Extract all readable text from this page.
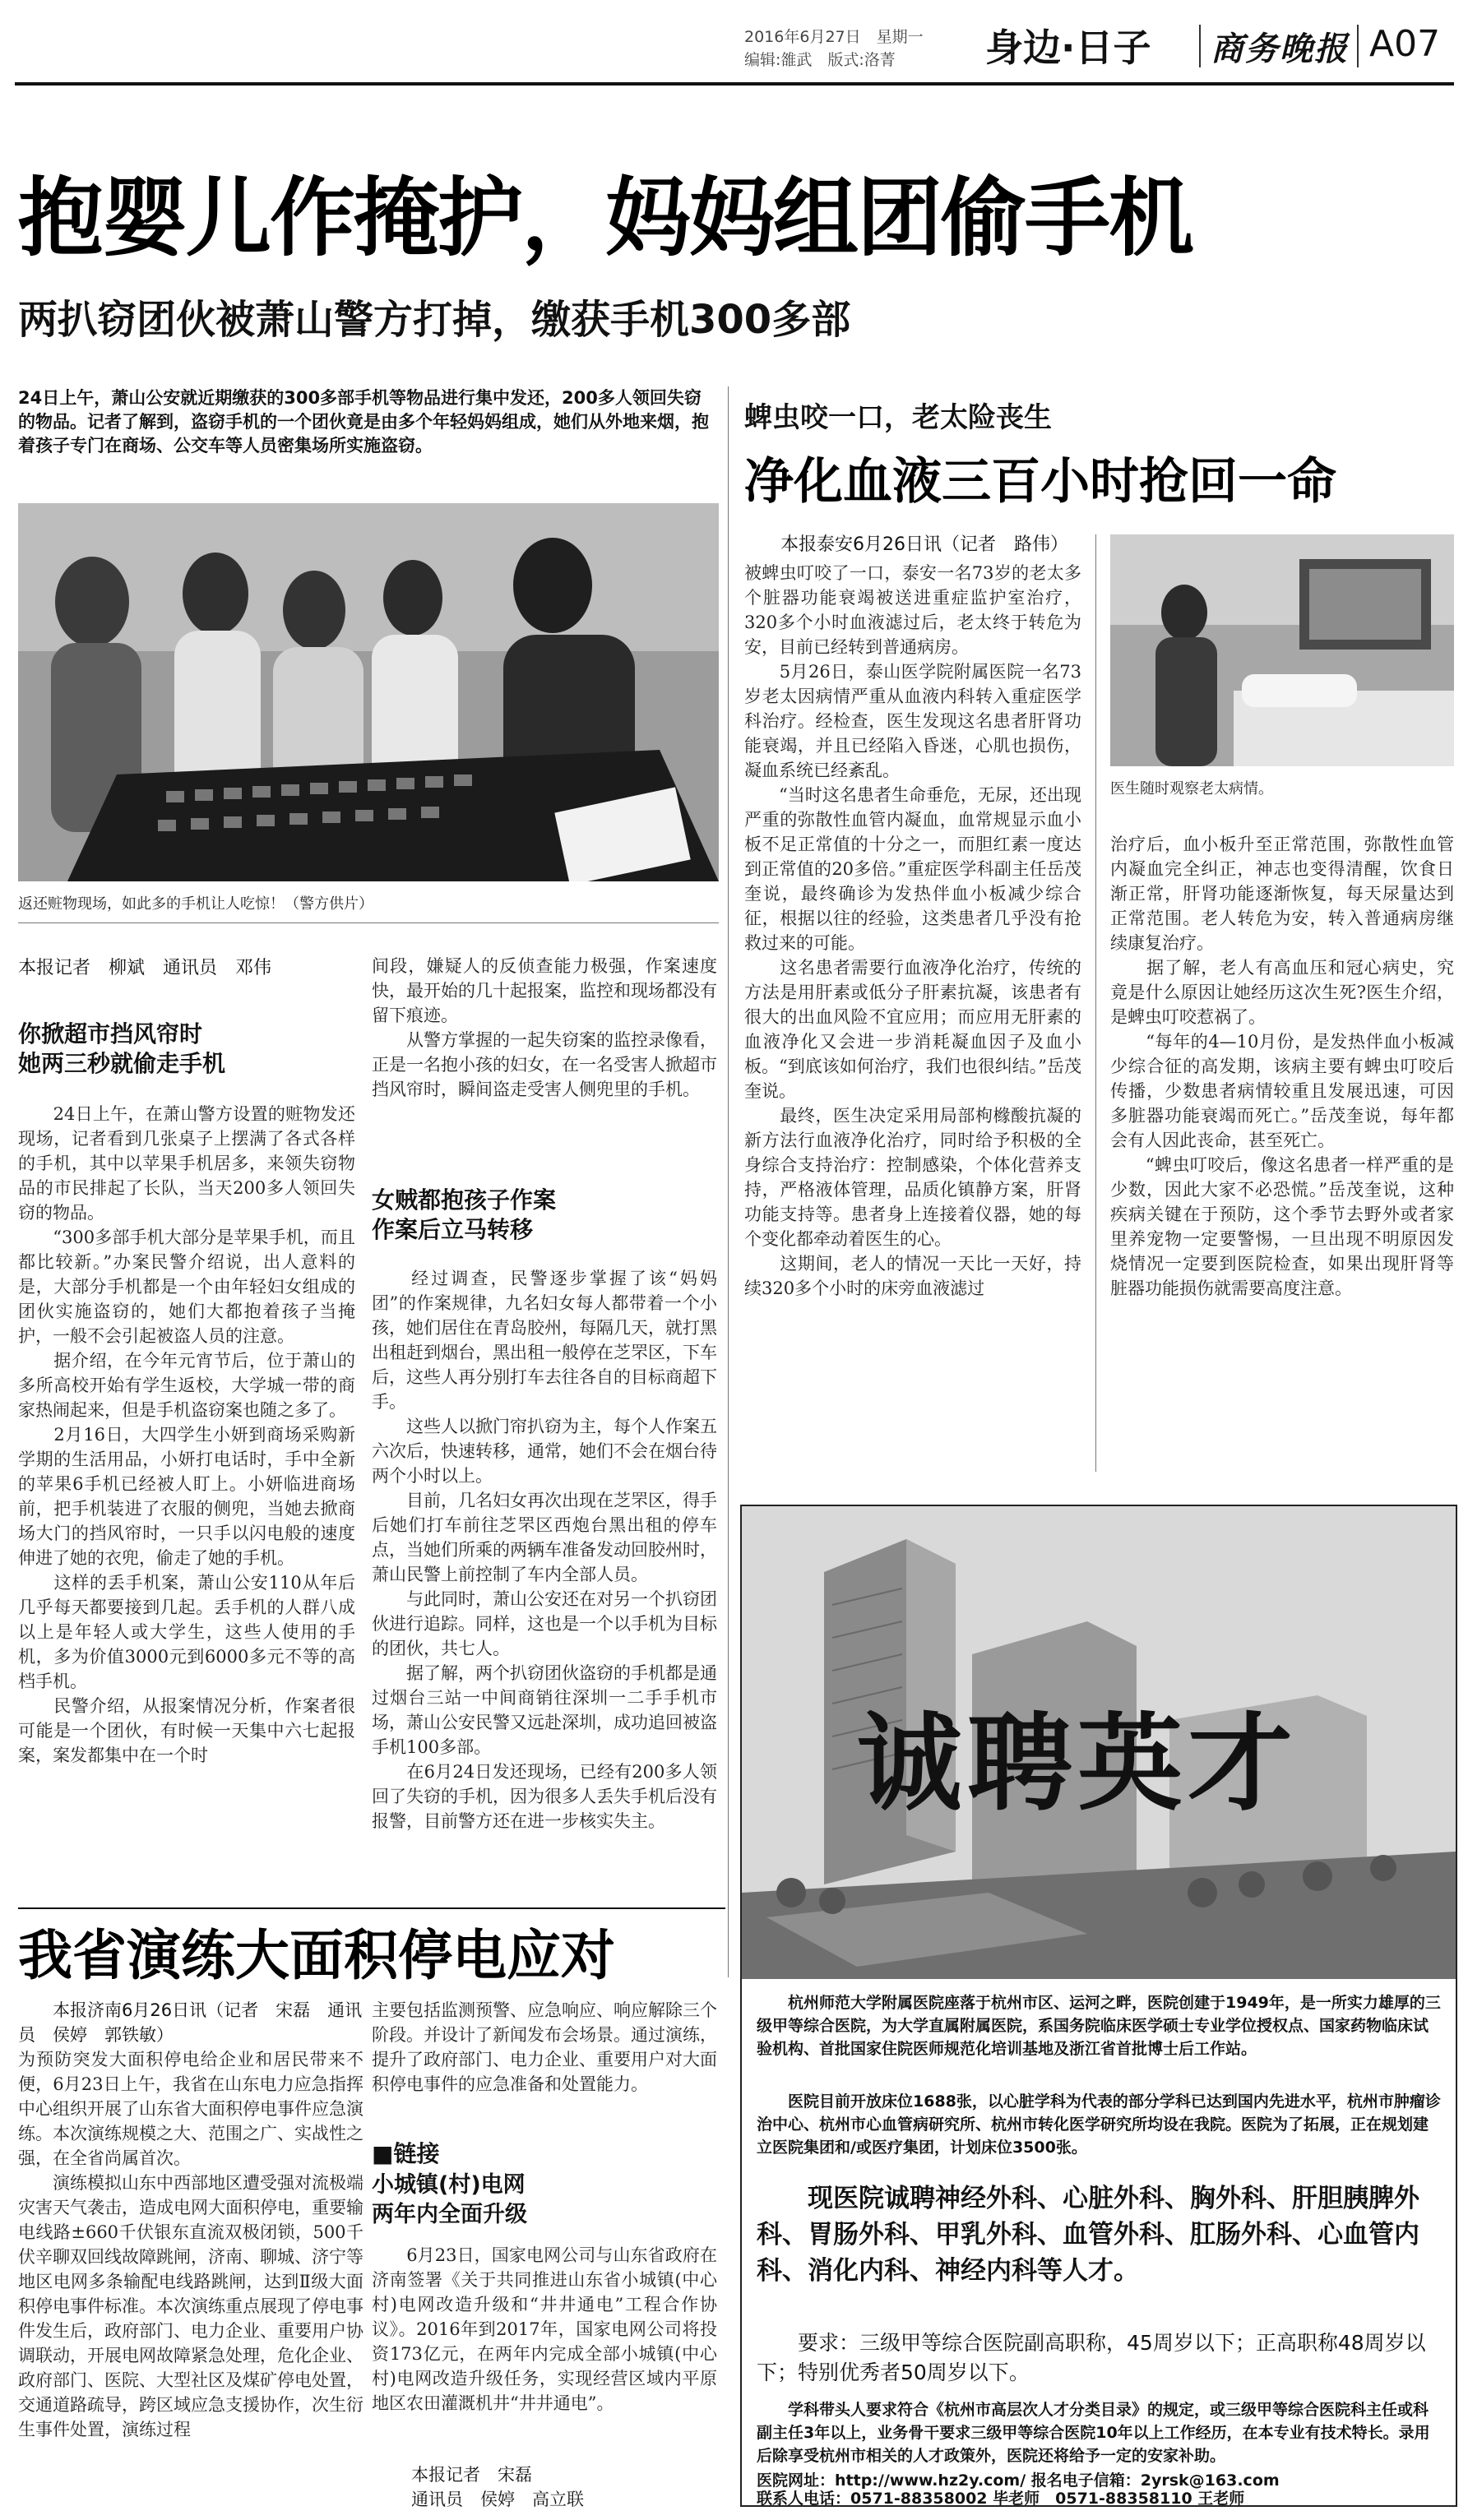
2016年6月27日　星期一
编辑:雒武　版式:洛菁 身边·日子 商务晚报 A07
抱婴儿作掩护，妈妈组团偷手机
两扒窃团伙被萧山警方打掉，缴获手机300多部
24日上午，萧山公安就近期缴获的300多部手机等物品进行集中发还，200多人领回失窃的物品。记者了解到，盗窃手机的一个团伙竟是由多个年轻妈妈组成，她们从外地来烟，抱着孩子专门在商场、公交车等人员密集场所实施盗窃。
返还赃物现场，如此多的手机让人吃惊！（警方供片）
本报记者　柳斌　通讯员　邓伟
你掀超市挡风帘时
她两三秒就偷走手机
　　24日上午，在萧山警方设置的赃物发还现场，记者看到几张桌子上摆满了各式各样的手机，其中以苹果手机居多，来领失窃物品的市民排起了长队，当天200多人领回失窃的物品。
　　“300多部手机大部分是苹果手机，而且都比较新。”办案民警介绍说，出人意料的是，大部分手机都是一个由年轻妇女组成的团伙实施盗窃的，她们大都抱着孩子当掩护，一般不会引起被盗人员的注意。
　　据介绍，在今年元宵节后，位于萧山的多所高校开始有学生返校，大学城一带的商家热闹起来，但是手机盗窃案也随之多了。
　　2月16日，大四学生小妍到商场采购新学期的生活用品，小妍打电话时，手中全新的苹果6手机已经被人盯上。小妍临进商场前，把手机装进了衣服的侧兜，当她去掀商场大门的挡风帘时，一只手以闪电般的速度伸进了她的衣兜，偷走了她的手机。
　　这样的丢手机案，萧山公安110从年后几乎每天都要接到几起。丢手机的人群八成以上是年轻人或大学生，这些人使用的手机，多为价值3000元到6000多元不等的高档手机。
　　民警介绍，从报案情况分析，作案者很可能是一个团伙，有时候一天集中六七起报案，案发都集中在一个时
间段，嫌疑人的反侦查能力极强，作案速度快，最开始的几十起报案，监控和现场都没有留下痕迹。
　　从警方掌握的一起失窃案的监控录像看，正是一名抱小孩的妇女，在一名受害人掀超市挡风帘时，瞬间盗走受害人侧兜里的手机。
女贼都抱孩子作案
作案后立马转移
　　经过调查，民警逐步掌握了该“妈妈团”的作案规律，九名妇女每人都带着一个小孩，她们居住在青岛胶州，每隔几天，就打黑出租赶到烟台，黑出租一般停在芝罘区，下车后，这些人再分别打车去往各自的目标商超下手。
　　这些人以掀门帘扒窃为主，每个人作案五六次后，快速转移，通常，她们不会在烟台待两个小时以上。
　　目前，几名妇女再次出现在芝罘区，得手后她们打车前往芝罘区西炮台黑出租的停车点，当她们所乘的两辆车准备发动回胶州时，萧山民警上前控制了车内全部人员。
　　与此同时，萧山公安还在对另一个扒窃团伙进行追踪。同样，这也是一个以手机为目标的团伙，共七人。
　　据了解，两个扒窃团伙盗窃的手机都是通过烟台三站一中间商销往深圳一二手手机市场，萧山公安民警又远赴深圳，成功追回被盗手机100多部。
　　在6月24日发还现场，已经有200多人领回了失窃的手机，因为很多人丢失手机后没有报警，目前警方还在进一步核实失主。
蜱虫咬一口，老太险丧生
净化血液三百小时抢回一命
　　本报泰安6月26日讯（记者　路伟）
被蜱虫叮咬了一口，泰安一名73岁的老太多个脏器功能衰竭被送进重症监护室治疗，320多个小时血液滤过后，老太终于转危为安，目前已经转到普通病房。
　　5月26日，泰山医学院附属医院一名73岁老太因病情严重从血液内科转入重症医学科治疗。经检查，医生发现这名患者肝肾功能衰竭，并且已经陷入昏迷，心肌也损伤，凝血系统已经紊乱。
　　“当时这名患者生命垂危，无尿，还出现严重的弥散性血管内凝血，血常规显示血小板不足正常值的十分之一，而胆红素一度达到正常值的20多倍。”重症医学科副主任岳茂奎说，最终确诊为发热伴血小板减少综合征，根据以往的经验，这类患者几乎没有抢救过来的可能。
　　这名患者需要行血液净化治疗，传统的方法是用肝素或低分子肝素抗凝，该患者有很大的出血风险不宜应用；而应用无肝素的血液净化又会进一步消耗凝血因子及血小板。“到底该如何治疗，我们也很纠结。”岳茂奎说。
　　最终，医生决定采用局部枸橼酸抗凝的新方法行血液净化治疗，同时给予积极的全身综合支持治疗：控制感染，个体化营养支持，严格液体管理，品质化镇静方案，肝肾功能支持等。患者身上连接着仪器，她的每个变化都牵动着医生的心。
　　这期间，老人的情况一天比一天好，持续320多个小时的床旁血液滤过
医生随时观察老太病情。
治疗后，血小板升至正常范围，弥散性血管内凝血完全纠正，神志也变得清醒，饮食日渐正常，肝肾功能逐渐恢复，每天尿量达到正常范围。老人转危为安，转入普通病房继续康复治疗。
　　据了解，老人有高血压和冠心病史，究竟是什么原因让她经历这次生死?医生介绍，是蜱虫叮咬惹祸了。
　　“每年的4—10月份，是发热伴血小板减少综合征的高发期，该病主要有蜱虫叮咬后传播，少数患者病情较重且发展迅速，可因多脏器功能衰竭而死亡。”岳茂奎说，每年都会有人因此丧命，甚至死亡。
　　“蜱虫叮咬后，像这名患者一样严重的是少数，因此大家不必恐慌。”岳茂奎说，这种疾病关键在于预防，这个季节去野外或者家里养宠物一定要警惕，一旦出现不明原因发烧情况一定要到医院检查，如果出现肝肾等脏器功能损伤就需要高度注意。
我省演练大面积停电应对
　　本报济南6月26日讯（记者　宋磊　通讯员　侯婷　郭铁敏）
为预防突发大面积停电给企业和居民带来不便，6月23日上午，我省在山东电力应急指挥中心组织开展了山东省大面积停电事件应急演练。本次演练规模之大、范围之广、实战性之强，在全省尚属首次。
　　演练模拟山东中西部地区遭受强对流极端灾害天气袭击，造成电网大面积停电，重要输电线路±660千伏银东直流双极闭锁，500千伏辛聊双回线故障跳闸，济南、聊城、济宁等地区电网多条输配电线路跳闸，达到Ⅱ级大面积停电事件标准。本次演练重点展现了停电事件发生后，政府部门、电力企业、重要用户协调联动，开展电网故障紧急处理，危化企业、政府部门、医院、大型社区及煤矿停电处置，交通道路疏导，跨区域应急支援协作，次生衍生事件处置，演练过程
主要包括监测预警、应急响应、响应解除三个阶段。并设计了新闻发布会场景。通过演练，提升了政府部门、电力企业、重要用户对大面积停电事件的应急准备和处置能力。
■链接
小城镇(村)电网
两年内全面升级
　　6月23日，国家电网公司与山东省政府在济南签署《关于共同推进山东省小城镇(中心村)电网改造升级和“井井通电”工程合作协议》。2016年到2017年，国家电网公司将投资173亿元，在两年内完成全部小城镇(中心村)电网改造升级任务，实现经营区域内平原地区农田灌溉机井“井井通电”。
本报记者　宋磊
通讯员　侯婷　高立联
诚聘英才
　　杭州师范大学附属医院座落于杭州市区、运河之畔，医院创建于1949年，是一所实力雄厚的三级甲等综合医院，为大学直属附属医院，系国务院临床医学硕士专业学位授权点、国家药物临床试验机构、首批国家住院医师规范化培训基地及浙江省首批博士后工作站。
　　医院目前开放床位1688张，以心脏学科为代表的部分学科已达到国内先进水平，杭州市肿瘤诊治中心、杭州市心血管病研究所、杭州市转化医学研究所均设在我院。医院为了拓展，正在规划建立医院集团和/或医疗集团，计划床位3500张。
　　现医院诚聘神经外科、心脏外科、胸外科、肝胆胰脾外科、胃肠外科、甲乳外科、血管外科、肛肠外科、心血管内科、消化内科、神经内科等人才。
　　要求：三级甲等综合医院副高职称，45周岁以下；正高职称48周岁以下；特别优秀者50周岁以下。
　　学科带头人要求符合《杭州市高层次人才分类目录》的规定，或三级甲等综合医院科主任或科副主任3年以上，业务骨干要求三级甲等综合医院10年以上工作经历，在本专业有技术特长。录用后除享受杭州市相关的人才政策外，医院还将给予一定的安家补助。
医院网址：http://www.hz2y.com/ 报名电子信箱：2yrsk@163.com
联系人电话：0571-88358002 毕老师　0571-88358110 王老师
